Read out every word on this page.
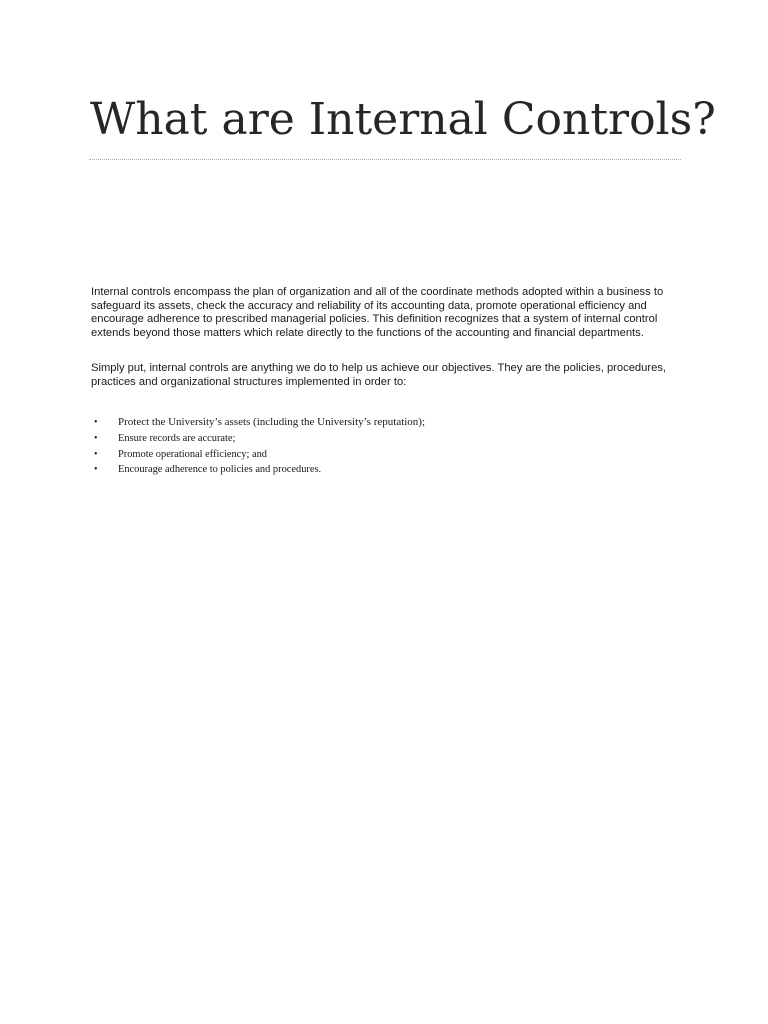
What are Internal Controls?

Internal controls encompass the plan of organization and all of the coordinate methods adopted within a business to safeguard its assets, check the accuracy and reliability of its accounting data, promote operational efficiency and encourage adherence to prescribed managerial policies. This definition recognizes that a system of internal control extends beyond those matters which relate directly to the functions of the accounting and financial departments.

Simply put, internal controls are anything we do to help us achieve our objectives. They are the policies, procedures, practices and organizational structures implemented in order to:

• Protect the University’s assets (including the University’s reputation);
• Ensure records are accurate;
• Promote operational efficiency; and
• Encourage adherence to policies and procedures.
